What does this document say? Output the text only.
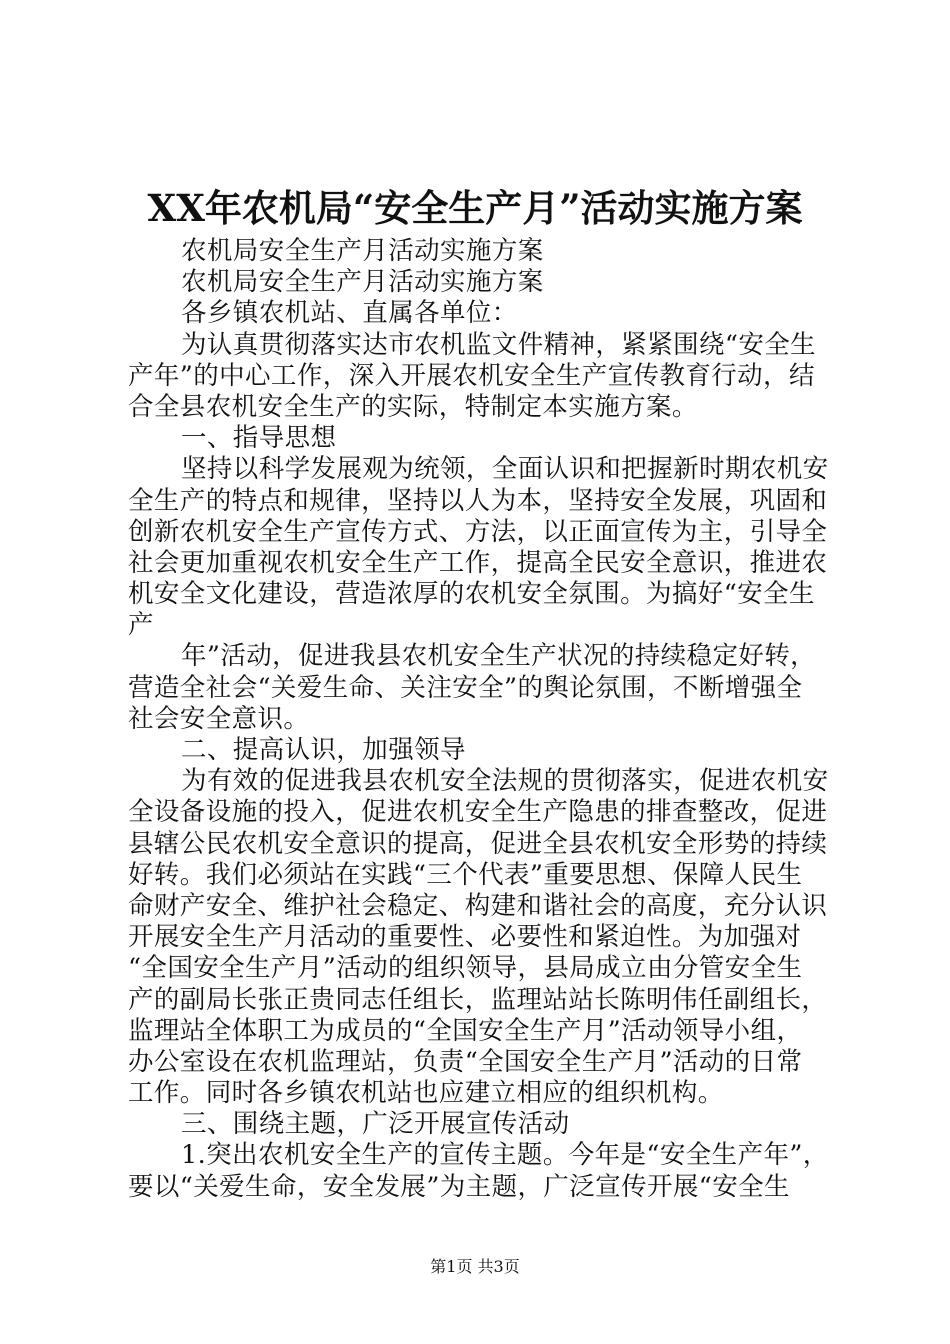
XX年农机局“安全生产月”活动实施方案
农机局安全生产月活动实施方案
农机局安全生产月活动实施方案
各乡镇农机站、直属各单位：
为认真贯彻落实达市农机监文件精神，紧紧围绕“安全生
产年”的中心工作，深入开展农机安全生产宣传教育行动，结
合全县农机安全生产的实际，特制定本实施方案。
一、指导思想
坚持以科学发展观为统领，全面认识和把握新时期农机安
全生产的特点和规律，坚持以人为本，坚持安全发展，巩固和
创新农机安全生产宣传方式、方法，以正面宣传为主，引导全
社会更加重视农机安全生产工作，提高全民安全意识，推进农
机安全文化建设，营造浓厚的农机安全氛围。为搞好“安全生
产
年”活动，促进我县农机安全生产状况的持续稳定好转，
营造全社会“关爱生命、关注安全”的舆论氛围，不断增强全
社会安全意识。
二、提高认识，加强领导
为有效的促进我县农机安全法规的贯彻落实，促进农机安
全设备设施的投入，促进农机安全生产隐患的排查整改，促进
县辖公民农机安全意识的提高，促进全县农机安全形势的持续
好转。我们必须站在实践“三个代表”重要思想、保障人民生
命财产安全、维护社会稳定、构建和谐社会的高度，充分认识
开展安全生产月活动的重要性、必要性和紧迫性。为加强对
“全国安全生产月”活动的组织领导，县局成立由分管安全生
产的副局长张正贵同志任组长，监理站站长陈明伟任副组长，
监理站全体职工为成员的“全国安全生产月”活动领导小组，
办公室设在农机监理站，负责“全国安全生产月”活动的日常
工作。同时各乡镇农机站也应建立相应的组织机构。
三、围绕主题，广泛开展宣传活动
1.突出农机安全生产的宣传主题。今年是“安全生产年”，
要以“关爱生命，安全发展”为主题，广泛宣传开展“安全生
第1页 共3页
